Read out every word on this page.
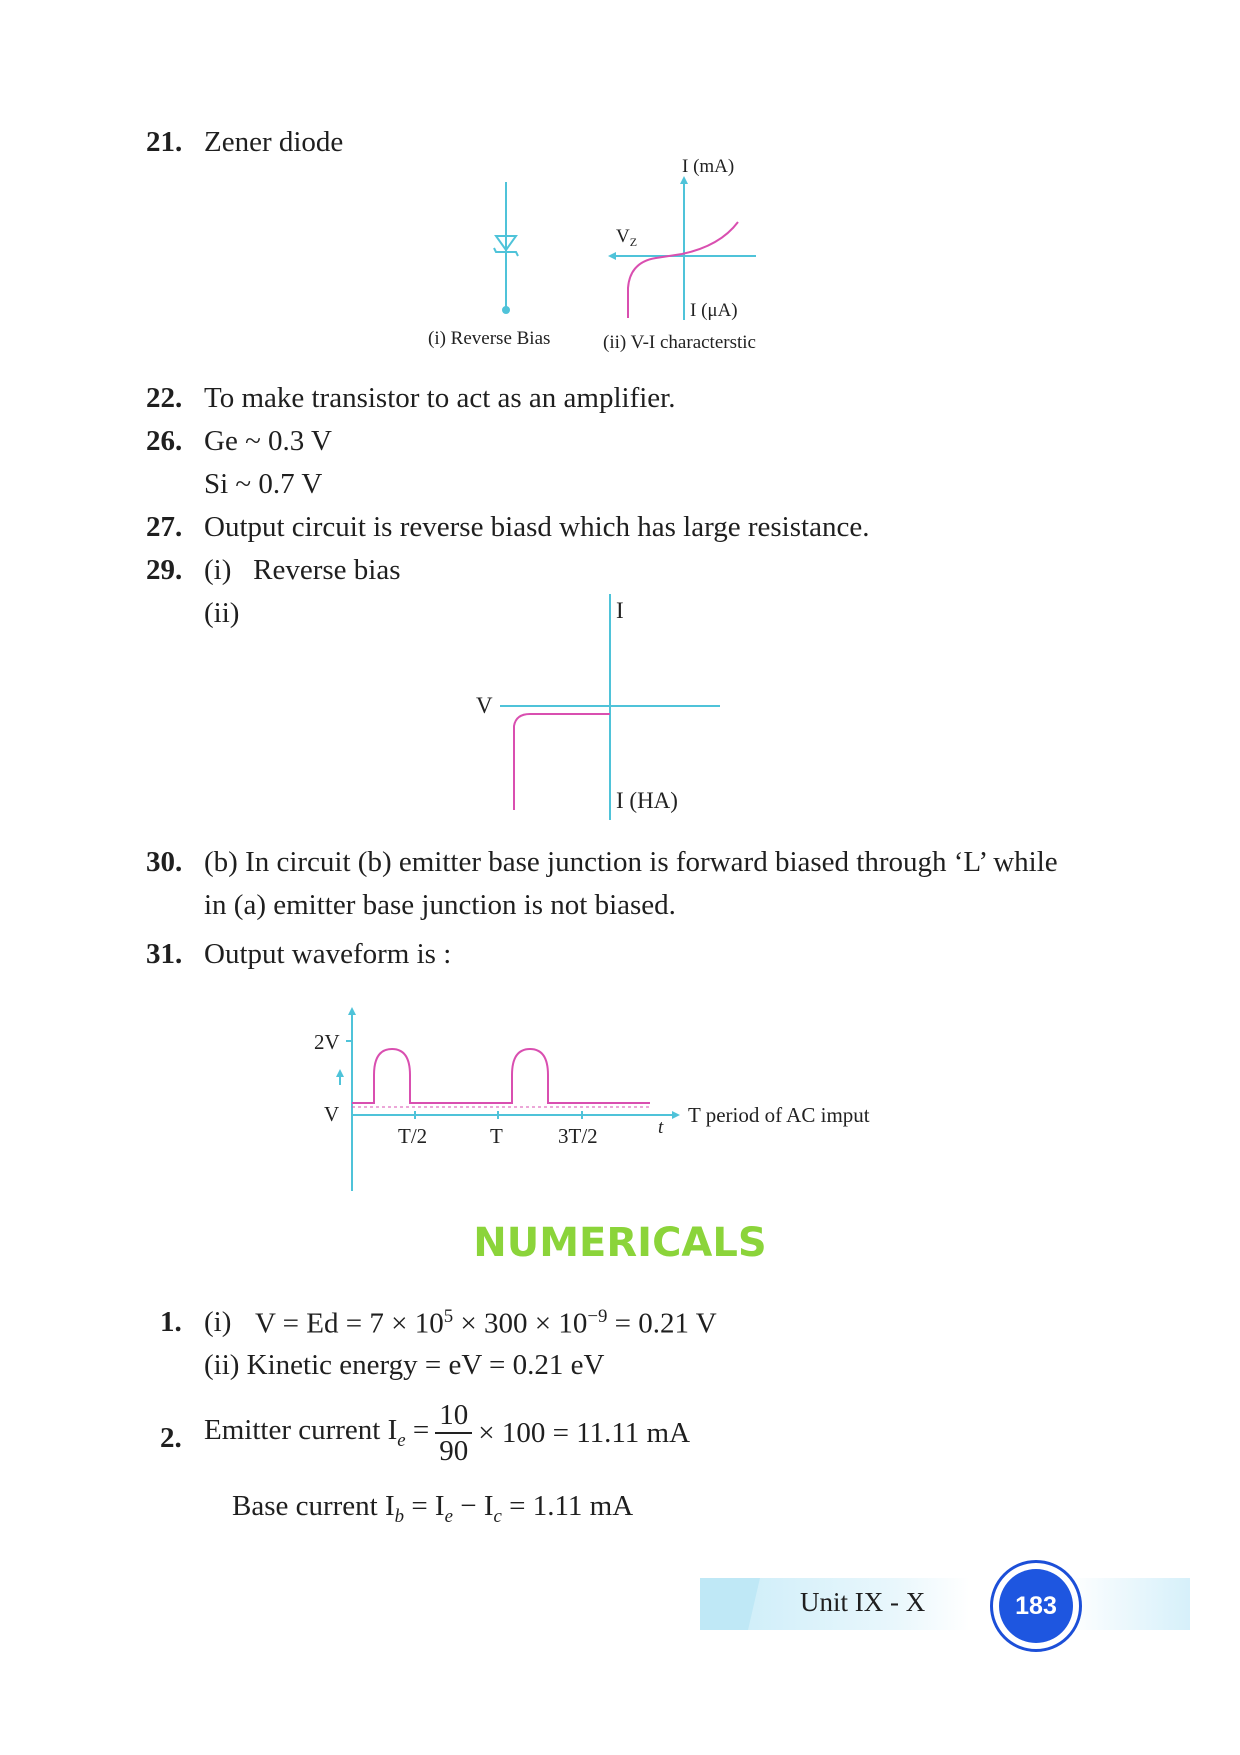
21. Zener diode
I (mA)
$V_Z$
I (μA)
(i) Reverse Bias	(ii) V-I characterstic
22. To make transistor to act as an amplifier.
26. Ge ~ 0.3 V
Si ~ 0.7 V
27. Output circuit is reverse biasd which has large resistance.
29. (i)   Reverse bias
(ii)	I
V
I (HA)
30. (b) In circuit (b) emitter base junction is forward biased through ‘L’ while
in (a) emitter base junction is not biased.
31. Output waveform is :
2V
V
T/2	T	3T/2	t
T period of AC imput
NUMERICALS
1. (i) $V = Ed = 7 \times 10^5 \times 300 \times 10^{-9} = 0.21$ V
(ii) Kinetic energy = eV = 0.21 eV
2. Emitter current $I_e = \frac{10}{90} \times 100 = 11.11$ mA
Base current $I_b = I_e - I_c = 1.11$ mA
Unit IX - X	183
